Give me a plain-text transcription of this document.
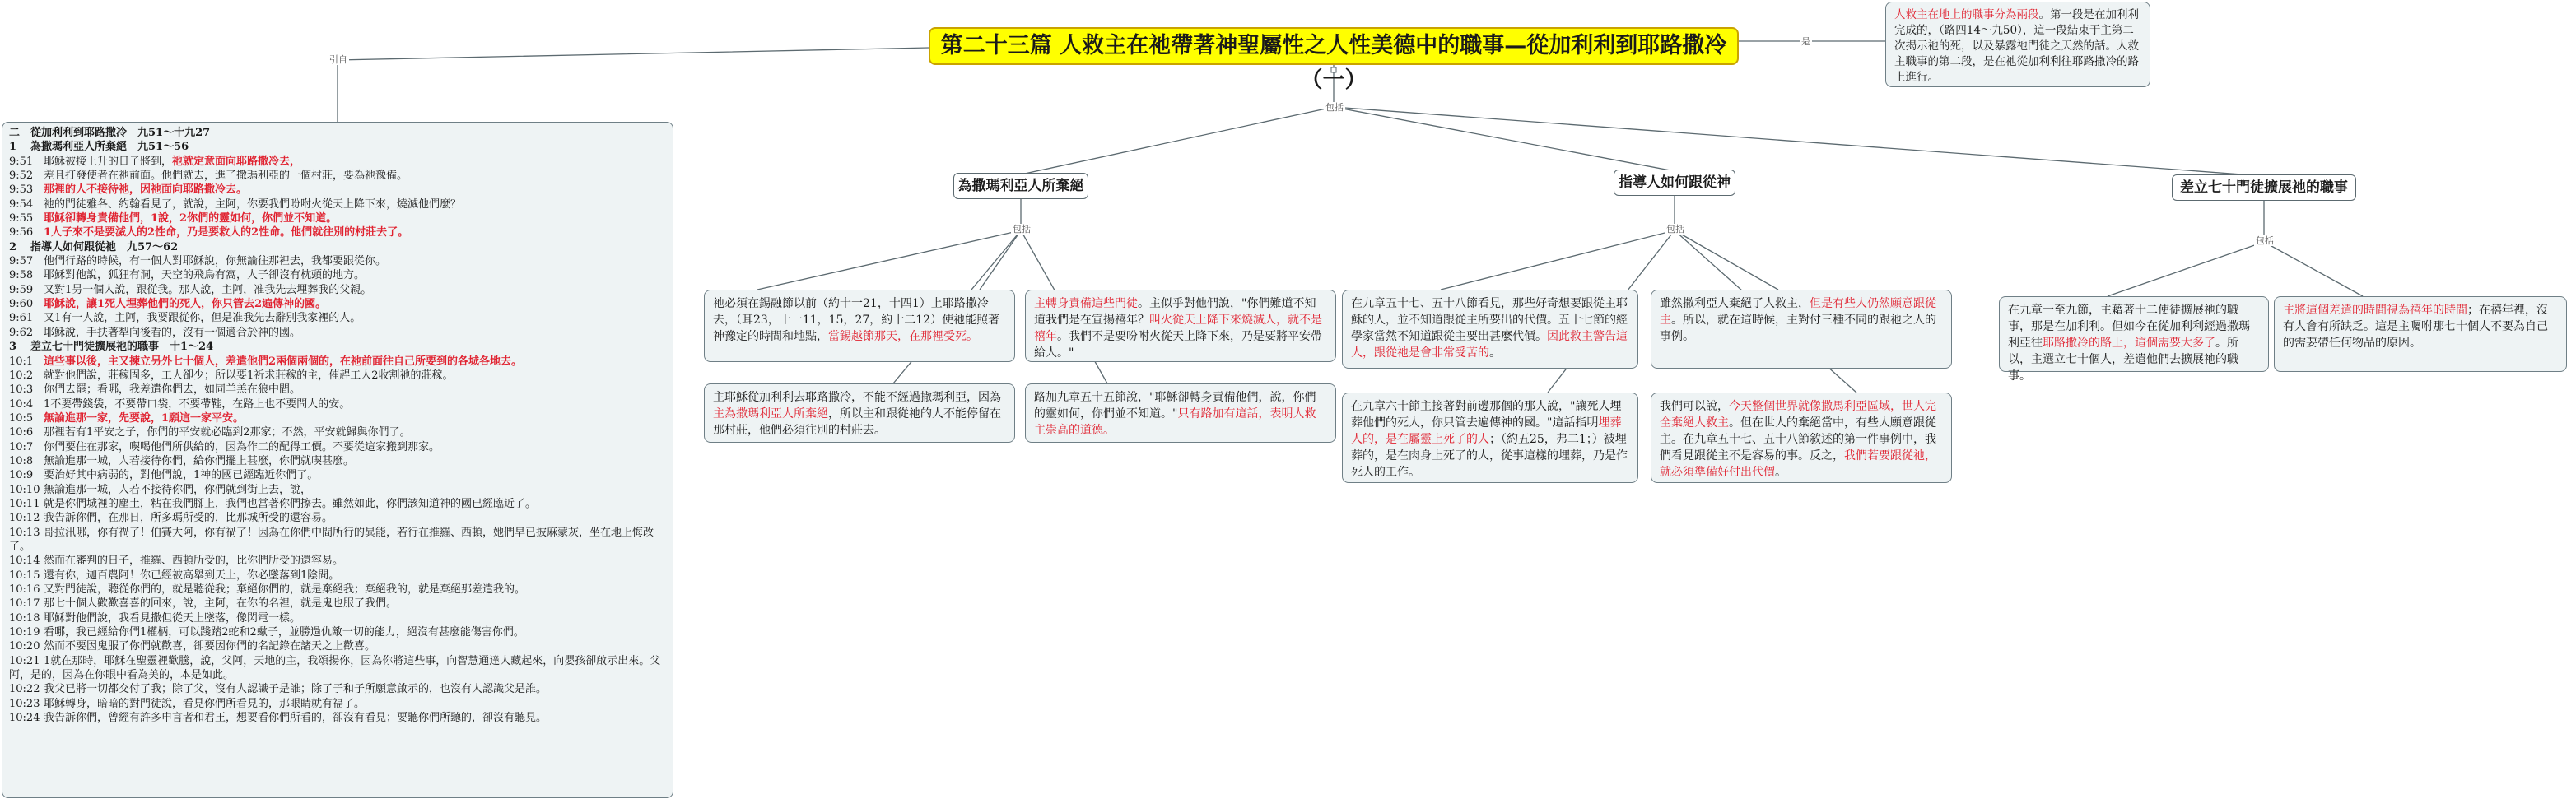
引自
是
包括
包括	包括
包括
第二十三篇 人救主在祂帶著神聖屬性之人性美德中的職事—從加利利到耶路撒冷（一）
人救主在地上的職事分為兩段。第一段是在加利利完成的，（路四14～九50），這一段結束于主第二次揭示祂的死，以及暴露祂門徒之天然的話。人救主職事的第二段，是在祂從加利利往耶路撒冷的路上進行。
為撒瑪利亞人所棄絕	指導人如何跟從神	差立七十門徒擴展祂的職事
祂必須在錫融節以前（約十一21，十四1）上耶路撒冷去，（耳23，十一11，15，27，約十二12）使祂能照著神豫定的時間和地點，當錫越節那天，在那裡受死。
主耶穌從加利利去耶路撒冷，不能不經過撒瑪利亞，因為主為撒瑪利亞人所棄絕，所以主和跟從祂的人不能停留在那村莊，他們必須往別的村莊去。
主轉身責備這些門徒。主似乎對他們說，"你們難道不知道我們是在宣揚禧年？叫火從天上降下來燒滅人，就不是禧年。我們不是要吩咐火從天上降下來，乃是要將平安帶給人。"
路加九章五十五節說，"耶穌卻轉身責備他們，說，你們的靈如何，你們並不知道。"只有路加有這話，表明人救主崇高的道德。
在九章五十七、五十八節看見，那些好奇想要跟從主耶穌的人，並不知道跟從主所要出的代價。五十七節的經學家當然不知道跟從主要出甚麼代價。因此救主警告這人，跟從祂是會非常受苦的。
在九章六十節主接著對前邊那個的那人說，"讓死人埋葬他們的死人，你只管去遍傳神的國。"這話指明埋葬人的，是在屬靈上死了的人；（約五25，弗二1；）被埋葬的，是在肉身上死了的人，從事這樣的埋葬，乃是作死人的工作。
雖然撒利亞人棄絕了人救主，但是有些人仍然願意跟從主。所以，就在這時候，主對付三種不同的跟祂之人的事例。
我們可以說，今天整個世界就像撒馬利亞區域，世人完全棄絕人救主。但在世人的棄絕當中，有些人願意跟從主。在九章五十七、五十八節敘述的第一件事例中，我們看見跟從主不是容易的事。反之，我們若要跟從祂，就必須準備好付出代價。
在九章一至九節，主藉著十二使徒擴展祂的職事，那是在加利利。但如今在從加利利經過撒瑪利亞往耶路撒冷的路上，這個需要大多了。所以，主選立七十個人，差遣他們去擴展祂的職事。
主將這個差遣的時間視為禧年的時間；在禧年裡，沒有人會有所缺乏。這是主囑咐那七十個人不要為自己的需要帶任何物品的原因。
二 從加利利到耶路撒冷　九51～十九27
1 為撒瑪利亞人所棄絕　九51～56
9:51 耶穌被接上升的日子將到，祂就定意面向耶路撒冷去，
9:52 差且打發使者在祂前面。他們就去，進了撒瑪利亞的一個村莊，要為祂豫備。
9:53 那裡的人不接待祂，因祂面向耶路撒冷去。
9:54 祂的門徒雅各、約翰看見了，就說，主阿，你要我們吩咐火從天上降下來，燒滅他們麼？
9:55 耶穌卻轉身責備他們，1說，2你們的靈如何，你們並不知道。
9:56 1人子來不是要滅人的2性命，乃是要救人的2性命。他們就往別的村莊去了。
2 指導人如何跟從祂　九57～62
9:57 他們行路的時候，有一個人對耶穌說，你無論往那裡去，我都要跟從你。
9:58 耶穌對他說，狐狸有洞，天空的飛鳥有窩，人子卻沒有枕頭的地方。
9:59 又對1另一個人說，跟從我。那人說，主阿，准我先去埋葬我的父親。
9:60 耶穌說，讓1死人埋葬他們的死人，你只管去2遍傳神的國。
9:61 又1有一人說，主阿，我要跟從你，但是准我先去辭別我家裡的人。
9:62 耶穌說，手扶著犁向後看的，沒有一個適合於神的國。
3 差立七十門徒擴展祂的職事　十1～24
10:1 這些事以後，主又揀立另外七十個人，差遣他們2兩個兩個的，在祂前面往自己所要到的各城各地去。
10:2 就對他們說，莊稼固多，工人卻少；所以要1祈求莊稼的主，催趕工人2收割祂的莊稼。
10:3 你們去罷；看哪，我差遣你們去，如同羊羔在狼中間。
10:4 1不要帶錢袋，不要帶口袋，不要帶鞋，在路上也不要問人的安。
10:5 無論進那一家，先要說，1願這一家平安。
10:6 那裡若有1平安之子，你們的平安就必臨到2那家；不然，平安就歸與你們了。
10:7 你們要住在那家，喫喝他們所供給的，因為作工的配得工價。不要從這家搬到那家。
10:8 無論進那一城，人若接待你們，給你們擺上甚麼，你們就喫甚麼。
10:9 要治好其中病弱的，對他們說，1神的國已經臨近你們了。
10:10 無論進那一城，人若不接待你們，你們就到街上去，說，
10:11 就是你們城裡的塵土，粘在我們腳上，我們也當著你們擦去。雖然如此，你們該知道神的國已經臨近了。
10:12 我告訴你們，在那日，所多瑪所受的，比那城所受的還容易。
10:13 哥拉汛哪，你有禍了！伯賽大阿，你有禍了！因為在你們中間所行的異能，若行在推羅、西頓，她們早已披麻蒙灰，坐在地上悔改了。
10:14 然而在審判的日子，推羅、西頓所受的，比你們所受的還容易。
10:15 還有你，迦百農阿！你已經被高舉到天上，你必墜落到1陰間。
10:16 又對門徒說，聽從你們的，就是聽從我；棄絕你們的，就是棄絕我；棄絕我的，就是棄絕那差遣我的。
10:17 那七十個人歡歡喜喜的回來，說，主阿，在你的名裡，就是鬼也服了我們。
10:18 耶穌對他們說，我看見撒但從天上墜落，像閃電一樣。
10:19 看哪，我已經給你們1權柄，可以踐踏2蛇和2蠍子，並勝過仇敵一切的能力，絕沒有甚麼能傷害你們。
10:20 然而不要因鬼服了你們就歡喜，卻要因你們的名記錄在諸天之上歡喜。
10:21 1就在那時，耶穌在聖靈裡歡騰，說，父阿，天地的主，我頌揚你，因為你將這些事，向智慧通達人藏起來，向嬰孩卻啟示出來。父阿，是的，因為在你眼中看為美的，本是如此。
10:22 我父已將一切都交付了我；除了父，沒有人認識子是誰；除了子和子所願意啟示的，也沒有人認識父是誰。
10:23 耶穌轉身，暗暗的對門徒說，看見你們所看見的，那眼睛就有福了。
10:24 我告訴你們，曾經有許多申言者和君王，想要看你們所看的，卻沒有看見；要聽你們所聽的，卻沒有聽見。
